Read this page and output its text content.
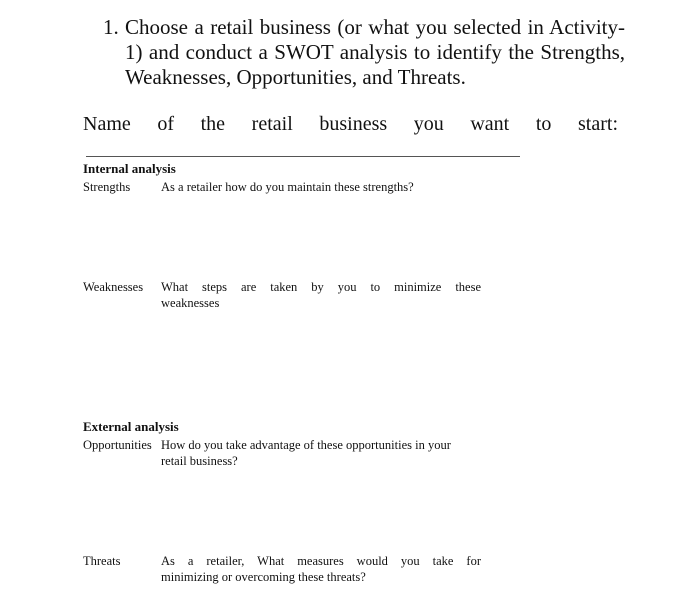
1. Choose a retail business (or what you selected in Activity-
1) and conduct a SWOT analysis to identify the Strengths,
Weaknesses, Opportunities, and Threats.
Name of the retail business you want to start:
Internal analysis
Strengths As a retailer how do you maintain these strengths?
Weaknesses What steps are taken by you to minimize these
weaknesses
External analysis
Opportunities How do you take advantage of these opportunities in your
retail business?
Threats	As a retailer, What measures would you take for
minimizing or overcoming these threats?
